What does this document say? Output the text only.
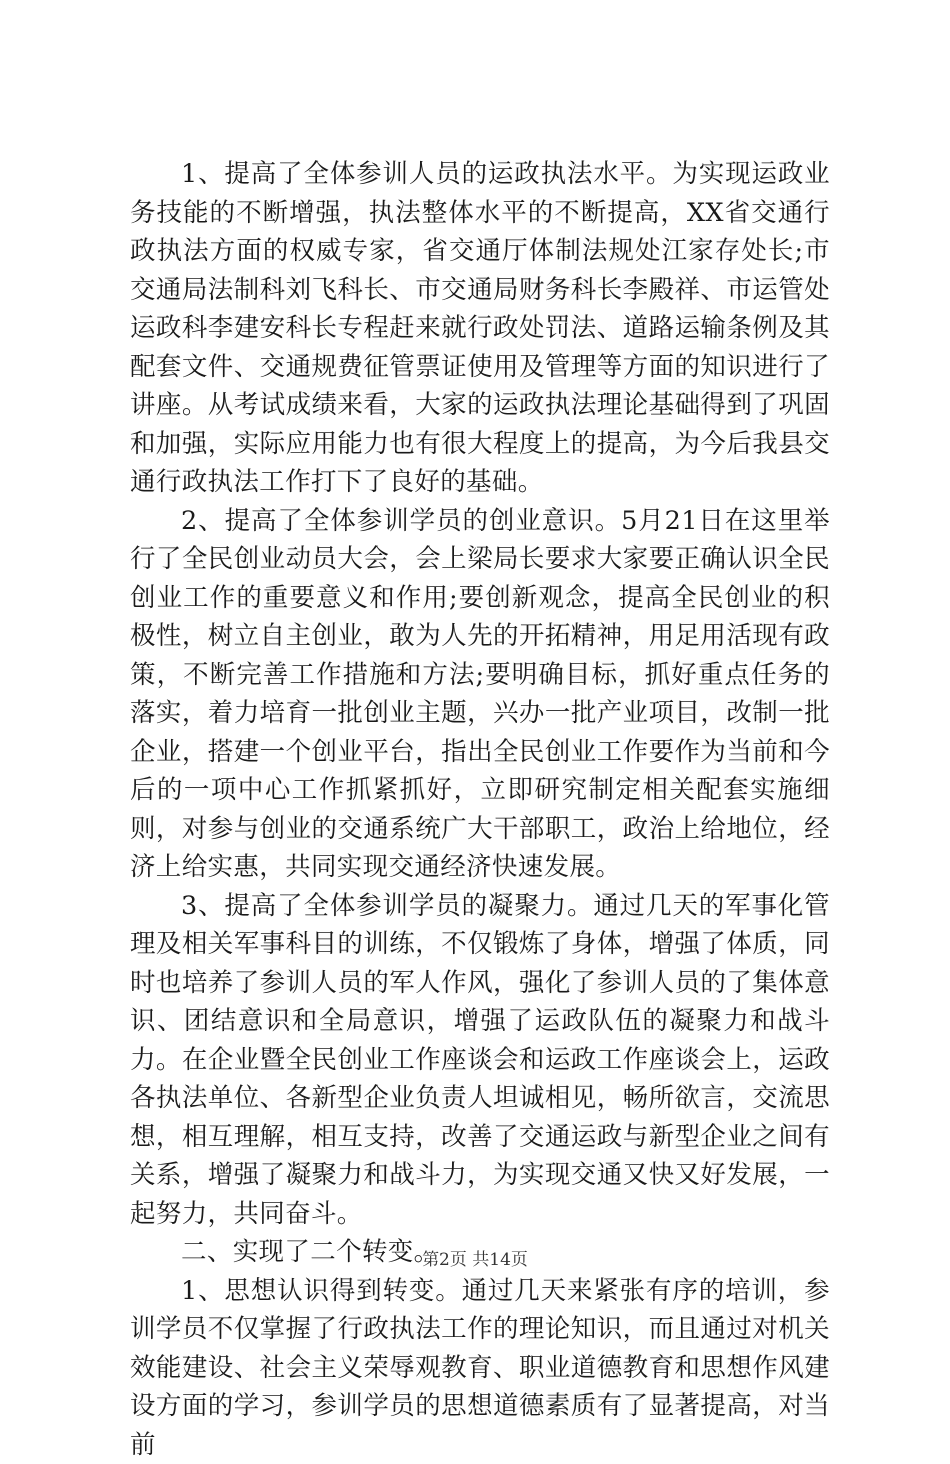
1、提高了全体参训人员的运政执法水平。为实现运政业务技能的不断增强，执法整体水平的不断提高，XX省交通行政执法方面的权威专家，省交通厅体制法规处江家存处长;市交通局法制科刘飞科长、市交通局财务科长李殿祥、市运管处运政科李建安科长专程赶来就行政处罚法、道路运输条例及其配套文件、交通规费征管票证使用及管理等方面的知识进行了讲座。从考试成绩来看，大家的运政执法理论基础得到了巩固和加强，实际应用能力也有很大程度上的提高，为今后我县交通行政执法工作打下了良好的基础。

2、提高了全体参训学员的创业意识。5月21日在这里举行了全民创业动员大会，会上梁局长要求大家要正确认识全民创业工作的重要意义和作用;要创新观念，提高全民创业的积极性，树立自主创业，敢为人先的开拓精神，用足用活现有政策，不断完善工作措施和方法;要明确目标，抓好重点任务的落实，着力培育一批创业主题，兴办一批产业项目，改制一批企业，搭建一个创业平台，指出全民创业工作要作为当前和今后的一项中心工作抓紧抓好，立即研究制定相关配套实施细则，对参与创业的交通系统广大干部职工，政治上给地位，经济上给实惠，共同实现交通经济快速发展。

3、提高了全体参训学员的凝聚力。通过几天的军事化管理及相关军事科目的训练，不仅锻炼了身体，增强了体质，同时也培养了参训人员的军人作风，强化了参训人员的了集体意识、团结意识和全局意识，增强了运政队伍的凝聚力和战斗力。在企业暨全民创业工作座谈会和运政工作座谈会上，运政各执法单位、各新型企业负责人坦诚相见，畅所欲言，交流思想，相互理解，相互支持，改善了交通运政与新型企业之间有关系，增强了凝聚力和战斗力，为实现交通又快又好发展，一起努力，共同奋斗。

二、实现了二个转变。

1、思想认识得到转变。通过几天来紧张有序的培训，参训学员不仅掌握了行政执法工作的理论知识，而且通过对机关效能建设、社会主义荣辱观教育、职业道德教育和思想作风建设方面的学习，参训学员的思想道德素质有了显著提高，对当前

第2页 共14页
